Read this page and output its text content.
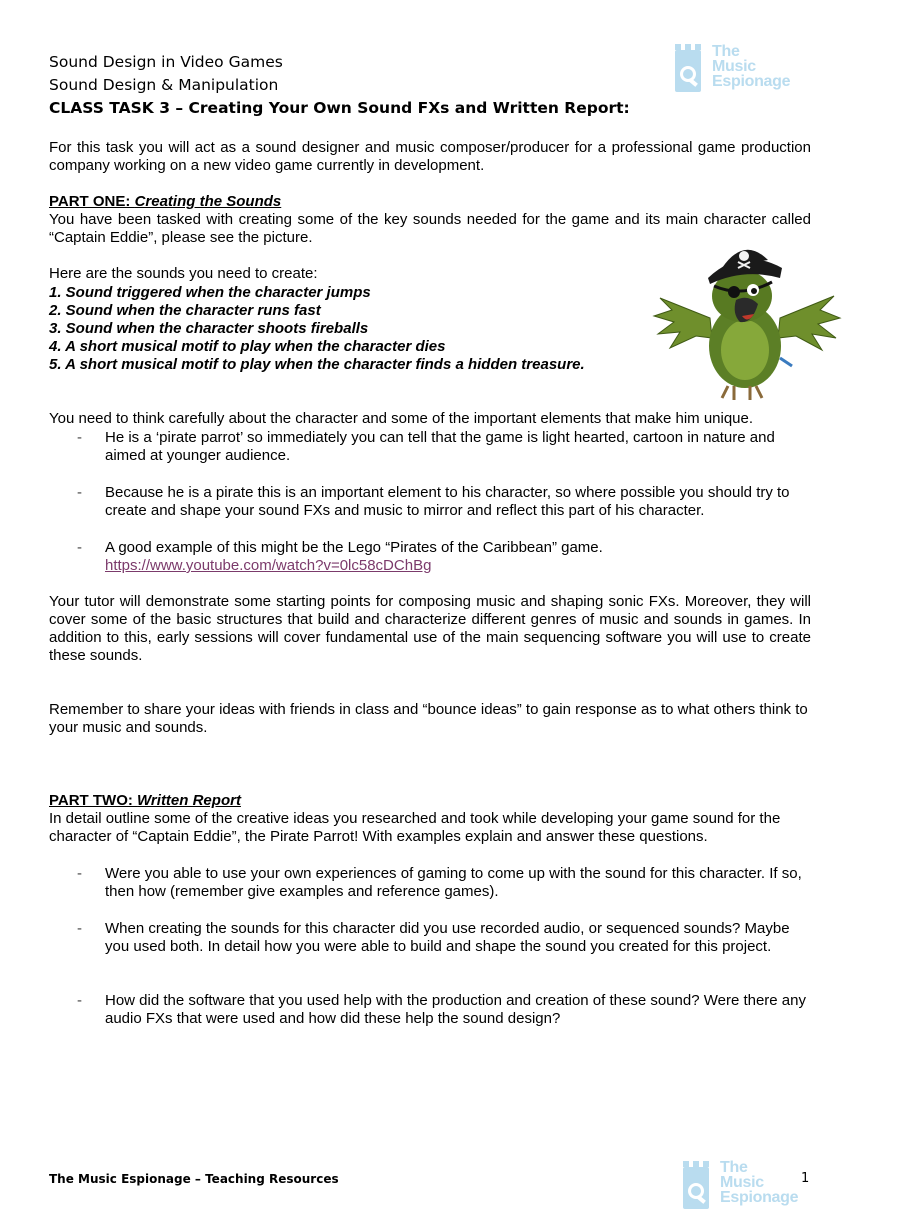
Sound Design in Video Games
Sound Design & Manipulation
CLASS TASK 3 – Creating Your Own Sound FXs and Written Report:
The
Music
Espionage
For this task you will act as a sound designer and music composer/producer for a professional game production company working on a new video game currently in development.
PART ONE: Creating the Sounds
You have been tasked with creating some of the key sounds needed for the game and its main character called “Captain Eddie”, please see the picture.
Here are the sounds you need to create:
1. Sound triggered when the character jumps
2. Sound when the character runs fast
3. Sound when the character shoots fireballs
4. A short musical motif to play when the character dies
5. A short musical motif to play when the character finds a hidden treasure.
You need to think carefully about the character and some of the important elements that make him unique.
- He is a ‘pirate parrot’ so immediately you can tell that the game is light hearted, cartoon in nature and aimed at younger audience.
- Because he is a pirate this is an important element to his character, so where possible you should try to create and shape your sound FXs and music to mirror and reflect this part of his character.
- A good example of this might be the Lego “Pirates of the Caribbean” game.
https://www.youtube.com/watch?v=0lc58cDChBg
Your tutor will demonstrate some starting points for composing music and shaping sonic FXs. Moreover, they will cover some of the basic structures that build and characterize different genres of music and sounds in games. In addition to this, early sessions will cover fundamental use of the main sequencing software you will use to create these sounds.
Remember to share your ideas with friends in class and “bounce ideas” to gain response as to what others think to your music and sounds.
PART TWO: Written Report
In detail outline some of the creative ideas you researched and took while developing your game sound for the character of “Captain Eddie”, the Pirate Parrot! With examples explain and answer these questions.
- Were you able to use your own experiences of gaming to come up with the sound for this character. If so, then how (remember give examples and reference games).
- When creating the sounds for this character did you use recorded audio, or sequenced sounds? Maybe you used both. In detail how you were able to build and shape the sound you created for this project.
- How did the software that you used help with the production and creation of these sound? Were there any audio FXs that were used and how did these help the sound design?
The Music Espionage – Teaching Resources
The
Music
Espionage
1
